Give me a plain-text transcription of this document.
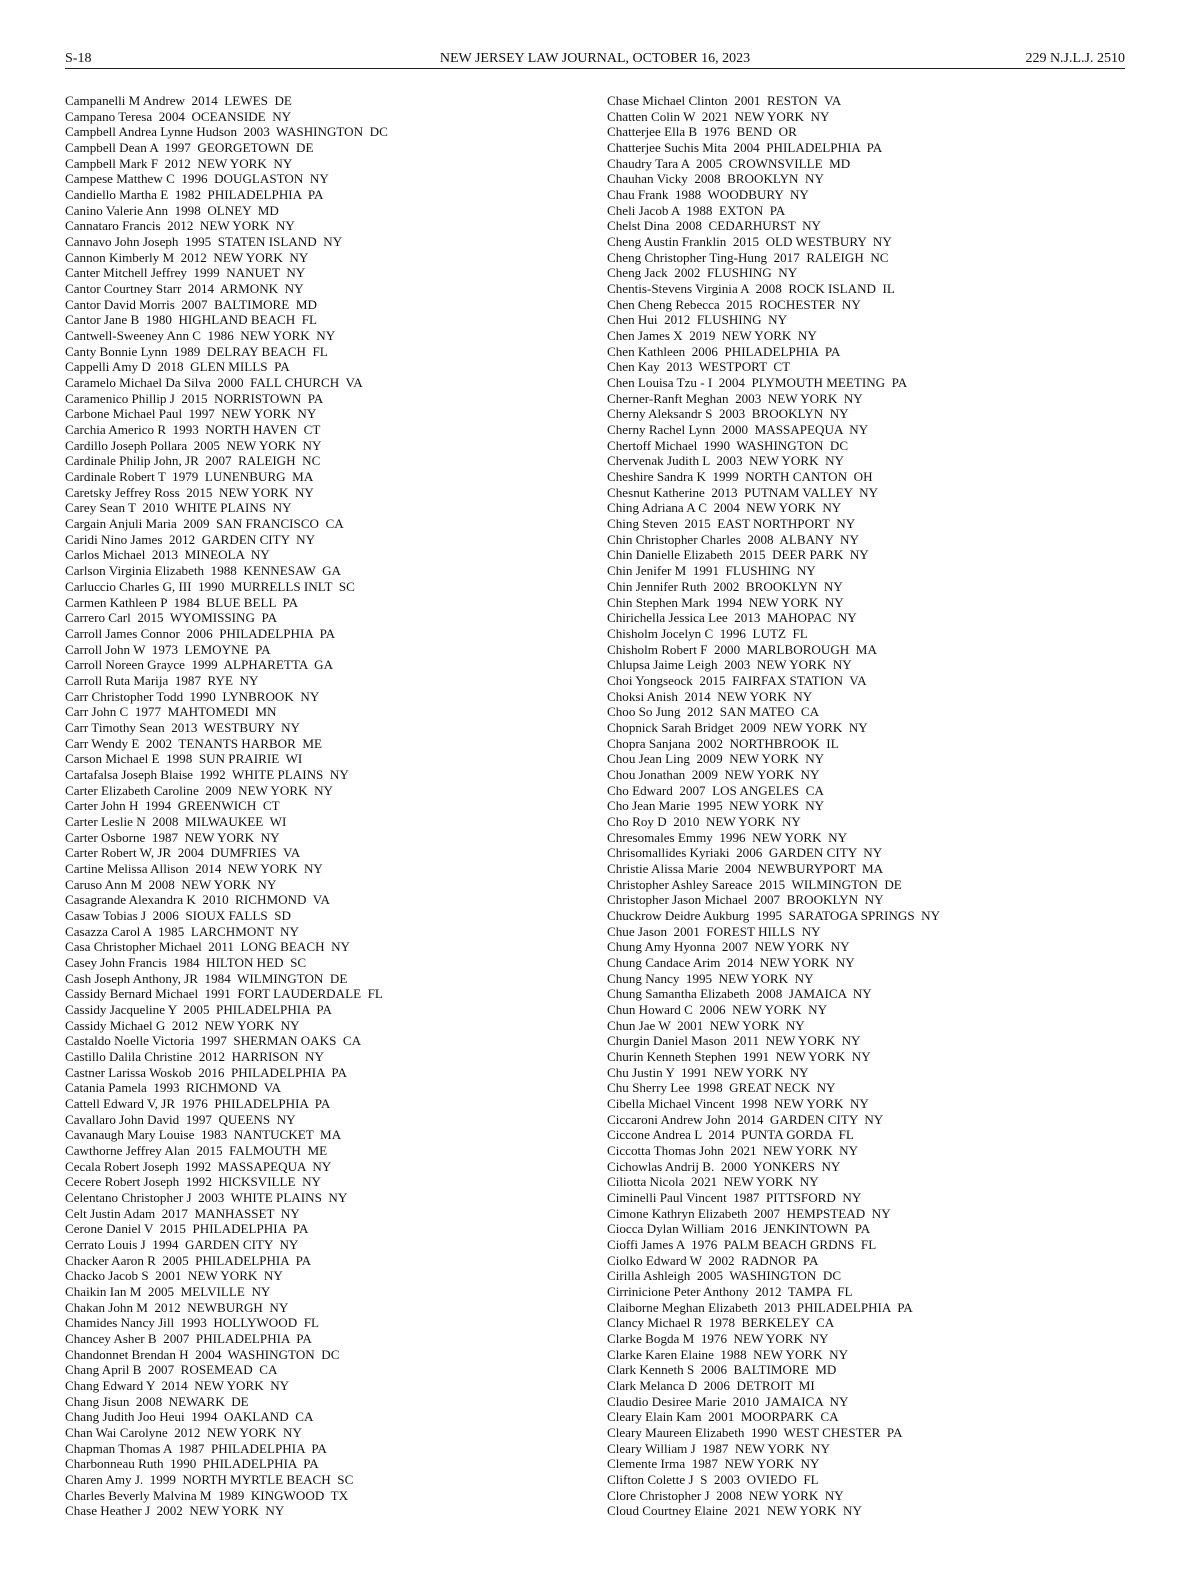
S-18	NEW JERSEY LAW JOURNAL, OCTOBER 16, 2023	229 N.J.L.J. 2510
Campanelli M Andrew  2014  LEWES  DE
Campano Teresa  2004  OCEANSIDE  NY
Campbell Andrea Lynne Hudson  2003  WASHINGTON  DC
Campbell Dean A  1997  GEORGETOWN  DE
Campbell Mark F  2012  NEW YORK  NY
Campese Matthew C  1996  DOUGLASTON  NY
Candiello Martha E  1982  PHILADELPHIA  PA
Canino Valerie Ann  1998  OLNEY  MD
Cannataro Francis  2012  NEW YORK  NY
Cannavo John Joseph  1995  STATEN ISLAND  NY
Cannon Kimberly M  2012  NEW YORK  NY
Canter Mitchell Jeffrey  1999  NANUET  NY
Cantor Courtney Starr  2014  ARMONK  NY
Cantor David Morris  2007  BALTIMORE  MD
Cantor Jane B  1980  HIGHLAND BEACH  FL
Cantwell-Sweeney Ann C  1986  NEW YORK  NY
Canty Bonnie Lynn  1989  DELRAY BEACH  FL
Cappelli Amy D  2018  GLEN MILLS  PA
Caramelo Michael Da Silva  2000  FALL CHURCH  VA
Caramenico Phillip J  2015  NORRISTOWN  PA
Carbone Michael Paul  1997  NEW YORK  NY
Carchia Americo R  1993  NORTH HAVEN  CT
Cardillo Joseph Pollara  2005  NEW YORK  NY
Cardinale Philip John, JR  2007  RALEIGH  NC
Cardinale Robert T  1979  LUNENBURG  MA
Caretsky Jeffrey Ross  2015  NEW YORK  NY
Carey Sean T  2010  WHITE PLAINS  NY
Cargain Anjuli Maria  2009  SAN FRANCISCO  CA
Caridi Nino James  2012  GARDEN CITY  NY
Carlos Michael  2013  MINEOLA  NY
Carlson Virginia Elizabeth  1988  KENNESAW  GA
Carluccio Charles G, III  1990  MURRELLS INLT  SC
Carmen Kathleen P  1984  BLUE BELL  PA
Carrero Carl  2015  WYOMISSING  PA
Carroll James Connor  2006  PHILADELPHIA  PA
Carroll John W  1973  LEMOYNE  PA
Carroll Noreen Grayce  1999  ALPHARETTA  GA
Carroll Ruta Marija  1987  RYE  NY
Carr Christopher Todd  1990  LYNBROOK  NY
Carr John C  1977  MAHTOMEDI  MN
Carr Timothy Sean  2013  WESTBURY  NY
Carr Wendy E  2002  TENANTS HARBOR  ME
Carson Michael E  1998  SUN PRAIRIE  WI
Cartafalsa Joseph Blaise  1992  WHITE PLAINS  NY
Carter Elizabeth Caroline  2009  NEW YORK  NY
Carter John H  1994  GREENWICH  CT
Carter Leslie N  2008  MILWAUKEE  WI
Carter Osborne  1987  NEW YORK  NY
Carter Robert W, JR  2004  DUMFRIES  VA
Cartine Melissa Allison  2014  NEW YORK  NY
Caruso Ann M  2008  NEW YORK  NY
Casagrande Alexandra K  2010  RICHMOND  VA
Casaw Tobias J  2006  SIOUX FALLS  SD
Casazza Carol A  1985  LARCHMONT  NY
Casa Christopher Michael  2011  LONG BEACH  NY
Casey John Francis  1984  HILTON HED  SC
Cash Joseph Anthony, JR  1984  WILMINGTON  DE
Cassidy Bernard Michael  1991  FORT LAUDERDALE  FL
Cassidy Jacqueline Y  2005  PHILADELPHIA  PA
Cassidy Michael G  2012  NEW YORK  NY
Castaldo Noelle Victoria  1997  SHERMAN OAKS  CA
Castillo Dalila Christine  2012  HARRISON  NY
Castner Larissa Woskob  2016  PHILADELPHIA  PA
Catania Pamela  1993  RICHMOND  VA
Cattell Edward V, JR  1976  PHILADELPHIA  PA
Cavallaro John David  1997  QUEENS  NY
Cavanaugh Mary Louise  1983  NANTUCKET  MA
Cawthorne Jeffrey Alan  2015  FALMOUTH  ME
Cecala Robert Joseph  1992  MASSAPEQUA  NY
Cecere Robert Joseph  1992  HICKSVILLE  NY
Celentano Christopher J  2003  WHITE PLAINS  NY
Celt Justin Adam  2017  MANHASSET  NY
Cerone Daniel V  2015  PHILADELPHIA  PA
Cerrato Louis J  1994  GARDEN CITY  NY
Chacker Aaron R  2005  PHILADELPHIA  PA
Chacko Jacob S  2001  NEW YORK  NY
Chaikin Ian M  2005  MELVILLE  NY
Chakan John M  2012  NEWBURGH  NY
Chamides Nancy Jill  1993  HOLLYWOOD  FL
Chancey Asher B  2007  PHILADELPHIA  PA
Chandonnet Brendan H  2004  WASHINGTON  DC
Chang April B  2007  ROSEMEAD  CA
Chang Edward Y  2014  NEW YORK  NY
Chang Jisun  2008  NEWARK  DE
Chang Judith Joo Heui  1994  OAKLAND  CA
Chan Wai Carolyne  2012  NEW YORK  NY
Chapman Thomas A  1987  PHILADELPHIA  PA
Charbonneau Ruth  1990  PHILADELPHIA  PA
Charen Amy J.  1999  NORTH MYRTLE BEACH  SC
Charles Beverly Malvina M  1989  KINGWOOD  TX
Chase Heather J  2002  NEW YORK  NY
Chase Michael Clinton  2001  RESTON  VA
Chatten Colin W  2021  NEW YORK  NY
Chatterjee Ella B  1976  BEND  OR
Chatterjee Suchis Mita  2004  PHILADELPHIA  PA
Chaudry Tara A  2005  CROWNSVILLE  MD
Chauhan Vicky  2008  BROOKLYN  NY
Chau Frank  1988  WOODBURY  NY
Cheli Jacob A  1988  EXTON  PA
Chelst Dina  2008  CEDARHURST  NY
Cheng Austin Franklin  2015  OLD WESTBURY  NY
Cheng Christopher Ting-Hung  2017  RALEIGH  NC
Cheng Jack  2002  FLUSHING  NY
Chentis-Stevens Virginia A  2008  ROCK ISLAND  IL
Chen Cheng Rebecca  2015  ROCHESTER  NY
Chen Hui  2012  FLUSHING  NY
Chen James X  2019  NEW YORK  NY
Chen Kathleen  2006  PHILADELPHIA  PA
Chen Kay  2013  WESTPORT  CT
Chen Louisa Tzu - I  2004  PLYMOUTH MEETING  PA
Cherner-Ranft Meghan  2003  NEW YORK  NY
Cherny Aleksandr S  2003  BROOKLYN  NY
Cherny Rachel Lynn  2000  MASSAPEQUA  NY
Chertoff Michael  1990  WASHINGTON  DC
Chervenak Judith L  2003  NEW YORK  NY
Cheshire Sandra K  1999  NORTH CANTON  OH
Chesnut Katherine  2013  PUTNAM VALLEY  NY
Ching Adriana A C  2004  NEW YORK  NY
Ching Steven  2015  EAST NORTHPORT  NY
Chin Christopher Charles  2008  ALBANY  NY
Chin Danielle Elizabeth  2015  DEER PARK  NY
Chin Jenifer M  1991  FLUSHING  NY
Chin Jennifer Ruth  2002  BROOKLYN  NY
Chin Stephen Mark  1994  NEW YORK  NY
Chirichella Jessica Lee  2013  MAHOPAC  NY
Chisholm Jocelyn C  1996  LUTZ  FL
Chisholm Robert F  2000  MARLBOROUGH  MA
Chlupsa Jaime Leigh  2003  NEW YORK  NY
Choi Yongseock  2015  FAIRFAX STATION  VA
Choksi Anish  2014  NEW YORK  NY
Choo So Jung  2012  SAN MATEO  CA
Chopnick Sarah Bridget  2009  NEW YORK  NY
Chopra Sanjana  2002  NORTHBROOK  IL
Chou Jean Ling  2009  NEW YORK  NY
Chou Jonathan  2009  NEW YORK  NY
Cho Edward  2007  LOS ANGELES  CA
Cho Jean Marie  1995  NEW YORK  NY
Cho Roy D  2010  NEW YORK  NY
Chresomales Emmy  1996  NEW YORK  NY
Chrisomallides Kyriaki  2006  GARDEN CITY  NY
Christie Alissa Marie  2004  NEWBURYPORT  MA
Christopher Ashley Sareace  2015  WILMINGTON  DE
Christopher Jason Michael  2007  BROOKLYN  NY
Chuckrow Deidre Aukburg  1995  SARATOGA SPRINGS  NY
Chue Jason  2001  FOREST HILLS  NY
Chung Amy Hyonna  2007  NEW YORK  NY
Chung Candace Arim  2014  NEW YORK  NY
Chung Nancy  1995  NEW YORK  NY
Chung Samantha Elizabeth  2008  JAMAICA  NY
Chun Howard C  2006  NEW YORK  NY
Chun Jae W  2001  NEW YORK  NY
Churgin Daniel Mason  2011  NEW YORK  NY
Churin Kenneth Stephen  1991  NEW YORK  NY
Chu Justin Y  1991  NEW YORK  NY
Chu Sherry Lee  1998  GREAT NECK  NY
Cibella Michael Vincent  1998  NEW YORK  NY
Ciccaroni Andrew John  2014  GARDEN CITY  NY
Ciccone Andrea L  2014  PUNTA GORDA  FL
Ciccotta Thomas John  2021  NEW YORK  NY
Cichowlas Andrij B.  2000  YONKERS  NY
Ciliotta Nicola  2021  NEW YORK  NY
Ciminelli Paul Vincent  1987  PITTSFORD  NY
Cimone Kathryn Elizabeth  2007  HEMPSTEAD  NY
Ciocca Dylan William  2016  JENKINTOWN  PA
Cioffi James A  1976  PALM BEACH GRDNS  FL
Ciolko Edward W  2002  RADNOR  PA
Cirilla Ashleigh  2005  WASHINGTON  DC
Cirrinicione Peter Anthony  2012  TAMPA  FL
Claiborne Meghan Elizabeth  2013  PHILADELPHIA  PA
Clancy Michael R  1978  BERKELEY  CA
Clarke Bogda M  1976  NEW YORK  NY
Clarke Karen Elaine  1988  NEW YORK  NY
Clark Kenneth S  2006  BALTIMORE  MD
Clark Melanca D  2006  DETROIT  MI
Claudio Desiree Marie  2010  JAMAICA  NY
Cleary Elain Kam  2001  MOORPARK  CA
Cleary Maureen Elizabeth  1990  WEST CHESTER  PA
Cleary William J  1987  NEW YORK  NY
Clemente Irma  1987  NEW YORK  NY
Clifton Colette J  S  2003  OVIEDO  FL
Clore Christopher J  2008  NEW YORK  NY
Cloud Courtney Elaine  2021  NEW YORK  NY
